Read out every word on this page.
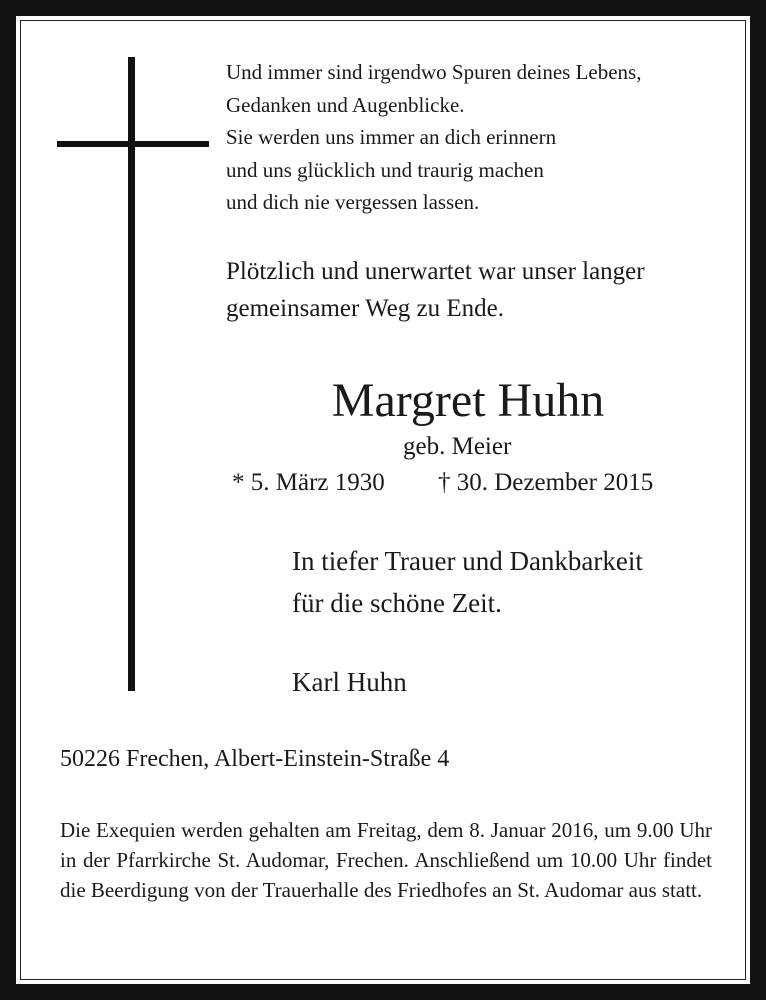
Und immer sind irgendwo Spuren deines Lebens,
Gedanken und Augenblicke.
Sie werden uns immer an dich erinnern
und uns glücklich und traurig machen
und dich nie vergessen lassen.
Plötzlich und unerwartet war unser langer
gemeinsamer Weg zu Ende.
Margret Huhn
geb. Meier
* 5. März 1930 † 30. Dezember 2015
In tiefer Trauer und Dankbarkeit
für die schöne Zeit.
Karl Huhn
50226 Frechen, Albert-Einstein-Straße 4
Die Exequien werden gehalten am Freitag, dem 8. Januar 2016, um 9.00 Uhr in der Pfarrkirche St. Audomar, Frechen. Anschließend um 10.00 Uhr findet die Beerdigung von der Trauerhalle des Friedhofes an St. Audomar aus statt.
